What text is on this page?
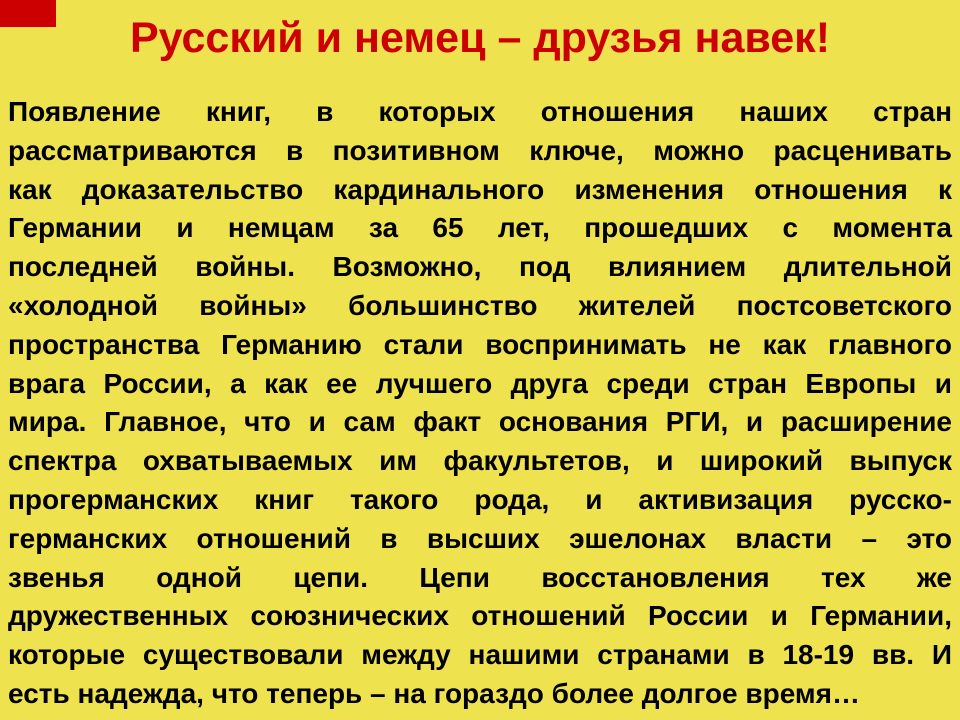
Русский и немец – друзья навек!
Появление книг, в которых отношения наших стран
рассматриваются в позитивном ключе, можно расценивать
как доказательство кардинального изменения отношения к
Германии и немцам за 65 лет, прошедших с момента
последней войны. Возможно, под влиянием длительной
«холодной войны» большинство жителей постсоветского
пространства Германию стали воспринимать не как главного
врага России, а как ее лучшего друга среди стран Европы и
мира. Главное, что и сам факт основания РГИ, и расширение
спектра охватываемых им факультетов, и широкий выпуск
прогерманских книг такого рода, и активизация русско-
германских отношений в высших эшелонах власти – это
звенья одной цепи. Цепи восстановления тех же
дружественных союзнических отношений России и Германии,
которые существовали между нашими странами в 18-19 вв. И
есть надежда, что теперь – на гораздо более долгое время…
